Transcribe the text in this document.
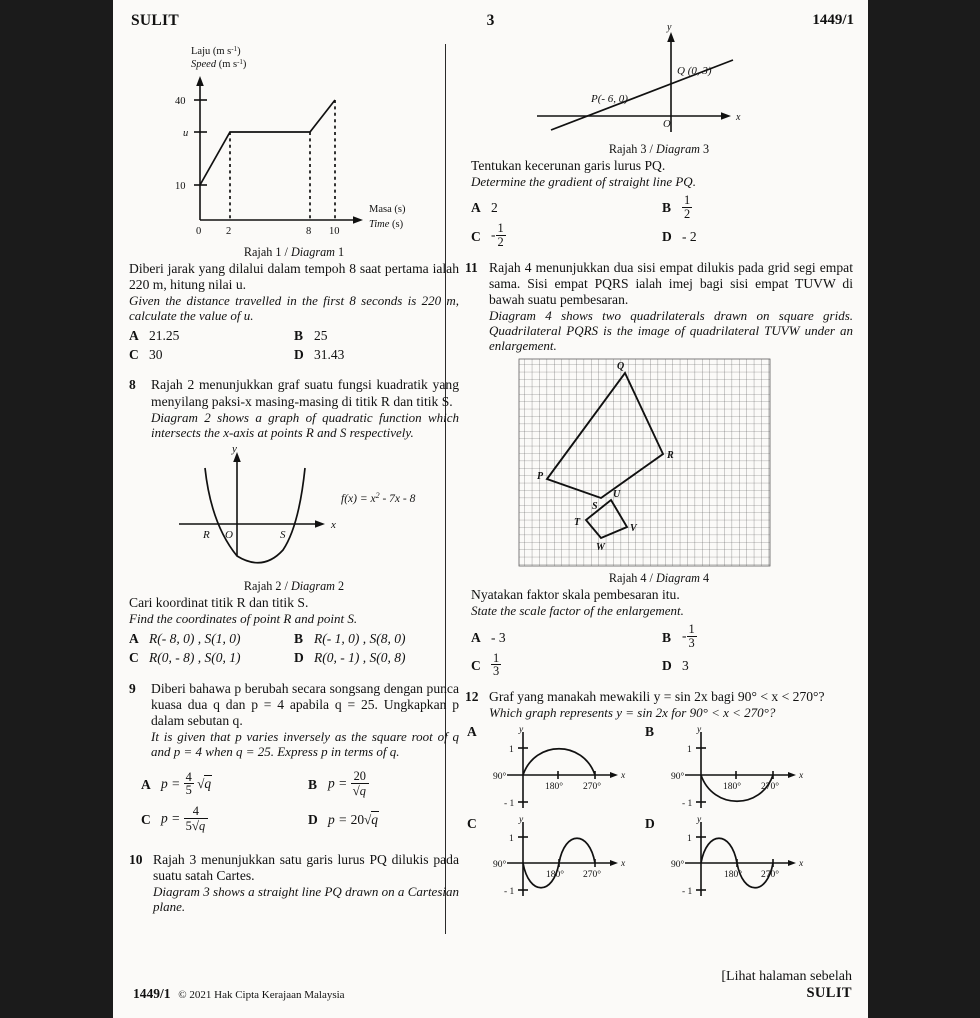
SULIT	3	1449/1
Laju (m $s^{-1}$)
Speed (m $s^{-1}$)
40
u
10
0 2	8 10
Masa (s)
Time (s)
Rajah 1 / Diagram 1
Diberi jarak yang dilalui dalam tempoh 8 saat pertama ialah 220 m, hitung nilai u.
Given the distance travelled in the first 8 seconds is 220 m, calculate the value of u.
A 21.25	B 25
C 30	D 31.43
8	Rajah 2 menunjukkan graf suatu fungsi kuadratik yang menyilang paksi-x masing-masing di titik R dan titik S.
Diagram 2 shows a graph of quadratic function which intersects the x-axis at points R and S respectively.
y
x
R O	S
$f(x) = x^2 - 7x - 8$
Rajah 2 / Diagram 2
Cari koordinat titik R dan titik S.
Find the coordinates of point R and point S.
A R(- 8, 0) , S(1, 0)	B R(- 1, 0) , S(8, 0)
C R(0, - 8) , S(0, 1)	D R(0, - 1) , S(0, 8)
9	Diberi bahawa p berubah secara songsang dengan punca kuasa dua q dan p = 4 apabila q = 25. Ungkapkan p dalam sebutan q.
It is given that p varies inversely as the square root of q and p = 4 when q = 25. Express p in terms of q.
A $p = \frac{4}{5} √q$	B $p = \frac{20}{√q}$
C $p = \frac{4}{5√q}$	D p = 20√q
10 Rajah 3 menunjukkan satu garis lurus PQ dilukis pada suatu satah Cartes.
Diagram 3 shows a straight line PQ drawn on a Cartesian plane.
y
x
P(- 6, 0)
Q (0, 3)
O
Rajah 3 / Diagram 3
Tentukan kecerunan garis lurus PQ.
Determine the gradient of straight line PQ.
A 2	B $\frac{1}{2}$
C - $\frac{1}{2}$	D - 2
11 Rajah 4 menunjukkan dua sisi empat dilukis pada grid segi empat sama. Sisi empat PQRS ialah imej bagi sisi empat TUVW di bawah suatu pembesaran.
Diagram 4 shows two quadrilaterals drawn on square grids. Quadrilateral PQRS is the image of quadrilateral TUVW under an enlargement.
Q
R
P
S
U
V
T
W
Rajah 4 / Diagram 4
Nyatakan faktor skala pembesaran itu.
State the scale factor of the enlargement.
A - 3	B - $\frac{1}{3}$
C $\frac{1}{3}$	D 3
12 Graf yang manakah mewakili y = sin 2x bagi 90° < x < 270°?
Which graph represents y = sin 2x for 90° < x < 270°?
A	y
x
1
- 1
90°
180° 270°
B	y
x
1
- 1
90°
180° 270°
C	y
x
1
- 1
90°
180° 270°
D	y
x
1
- 1
90°
180° 270°
1449/1 © 2021 Hak Cipta Kerajaan Malaysia
[Lihat halaman sebelah
SULIT
